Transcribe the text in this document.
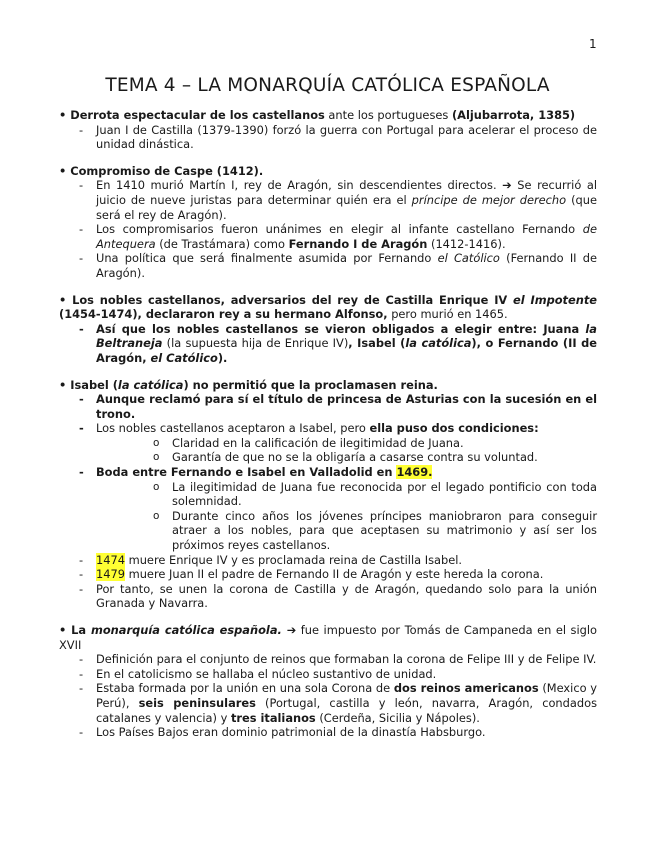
1
TEMA 4 – LA MONARQUÍA CATÓLICA ESPAÑOLA

• Derrota espectacular de los castellanos ante los portugueses (Aljubarrota, 1385)

- Juan I de Castilla (1379-1390) forzó la guerra con Portugal para acelerar el proceso de unidad dinástica.

• Compromiso de Caspe (1412).

- En 1410 murió Martín I, rey de Aragón, sin descendientes directos. ➔ Se recurrió al juicio de nueve juristas para determinar quién era el príncipe de mejor derecho (que será el rey de Aragón).
- Los compromisarios fueron unánimes en elegir al infante castellano Fernando de Antequera (de Trastámara) como Fernando I de Aragón (1412-1416).
- Una política que será finalmente asumida por Fernando el Católico (Fernando II de Aragón).

• Los nobles castellanos, adversarios del rey de Castilla Enrique IV el Impotente (1454-1474), declararon rey a su hermano Alfonso, pero murió en 1465.

- Así que los nobles castellanos se vieron obligados a elegir entre: Juana la Beltraneja (la supuesta hija de Enrique IV), Isabel (la católica), o Fernando (II de Aragón, el Católico).

• Isabel (la católica) no permitió que la proclamasen reina.

- Aunque reclamó para sí el título de princesa de Asturias con la sucesión en el trono.
- Los nobles castellanos aceptaron a Isabel, pero ella puso dos condiciones:
o Claridad en la calificación de ilegitimidad de Juana.
o Garantía de que no se la obligaría a casarse contra su voluntad.
- Boda entre Fernando e Isabel en Valladolid en 1469.
o La ilegitimidad de Juana fue reconocida por el legado pontificio con toda solemnidad.
o Durante cinco años los jóvenes príncipes maniobraron para conseguir atraer a los nobles, para que aceptasen su matrimonio y así ser los próximos reyes castellanos.
- 1474 muere Enrique IV y es proclamada reina de Castilla Isabel.
- 1479 muere Juan II el padre de Fernando II de Aragón y este hereda la corona.
- Por tanto, se unen la corona de Castilla y de Aragón, quedando solo para la unión Granada y Navarra.

• La monarquía católica española. ➔ fue impuesto por Tomás de Campaneda en el siglo XVII

- Definición para el conjunto de reinos que formaban la corona de Felipe III y de Felipe IV.
- En el catolicismo se hallaba el núcleo sustantivo de unidad.
- Estaba formada por la unión en una sola Corona de dos reinos americanos (Mexico y Perú), seis peninsulares (Portugal, castilla y león, navarra, Aragón, condados catalanes y valencia) y tres italianos (Cerdeña, Sicilia y Nápoles).
- Los Países Bajos eran dominio patrimonial de la dinastía Habsburgo.
